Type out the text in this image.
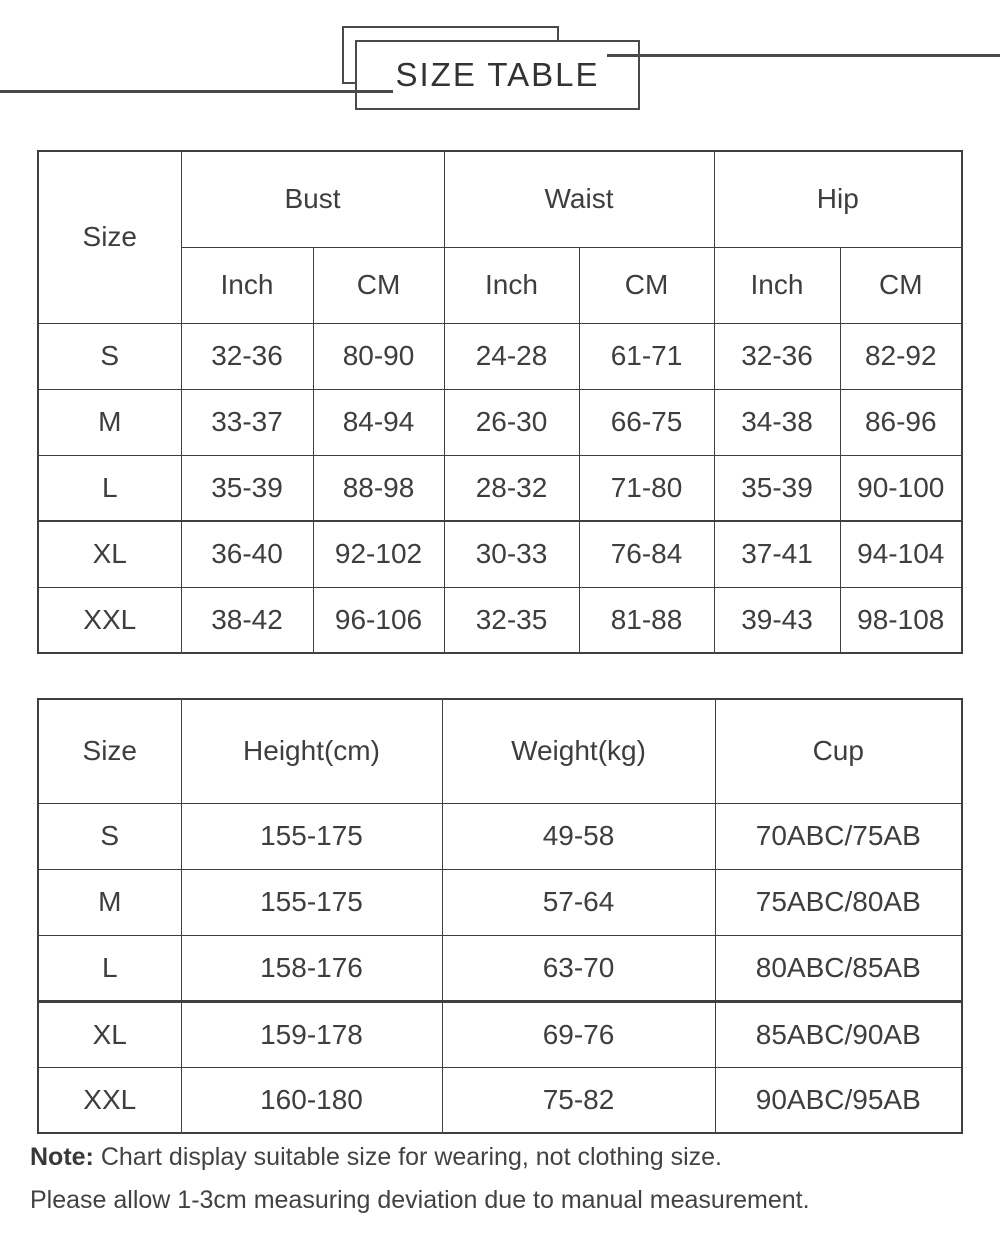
SIZE TABLE
Size	Bust		Waist		Hip	
	Inch	CM	Inch	CM	Inch	CM
S	32-36	80-90	24-28	61-71	32-36	82-92
M	33-37	84-94	26-30	66-75	34-38	86-96
L	35-39	88-98	28-32	71-80	35-39	90-100
XL	36-40	92-102	30-33	76-84	37-41	94-104
XXL	38-42	96-106	32-35	81-88	39-43	98-108
Size	Height(cm)	Weight(kg)	Cup
S	155-175	49-58	70ABC/75AB
M	155-175	57-64	75ABC/80AB
L	158-176	63-70	80ABC/85AB
XL	159-178	69-76	85ABC/90AB
XXL	160-180	75-82	90ABC/95AB

Note: Chart display suitable size for wearing, not clothing size.

Please allow 1-3cm measuring deviation due to manual measurement.
